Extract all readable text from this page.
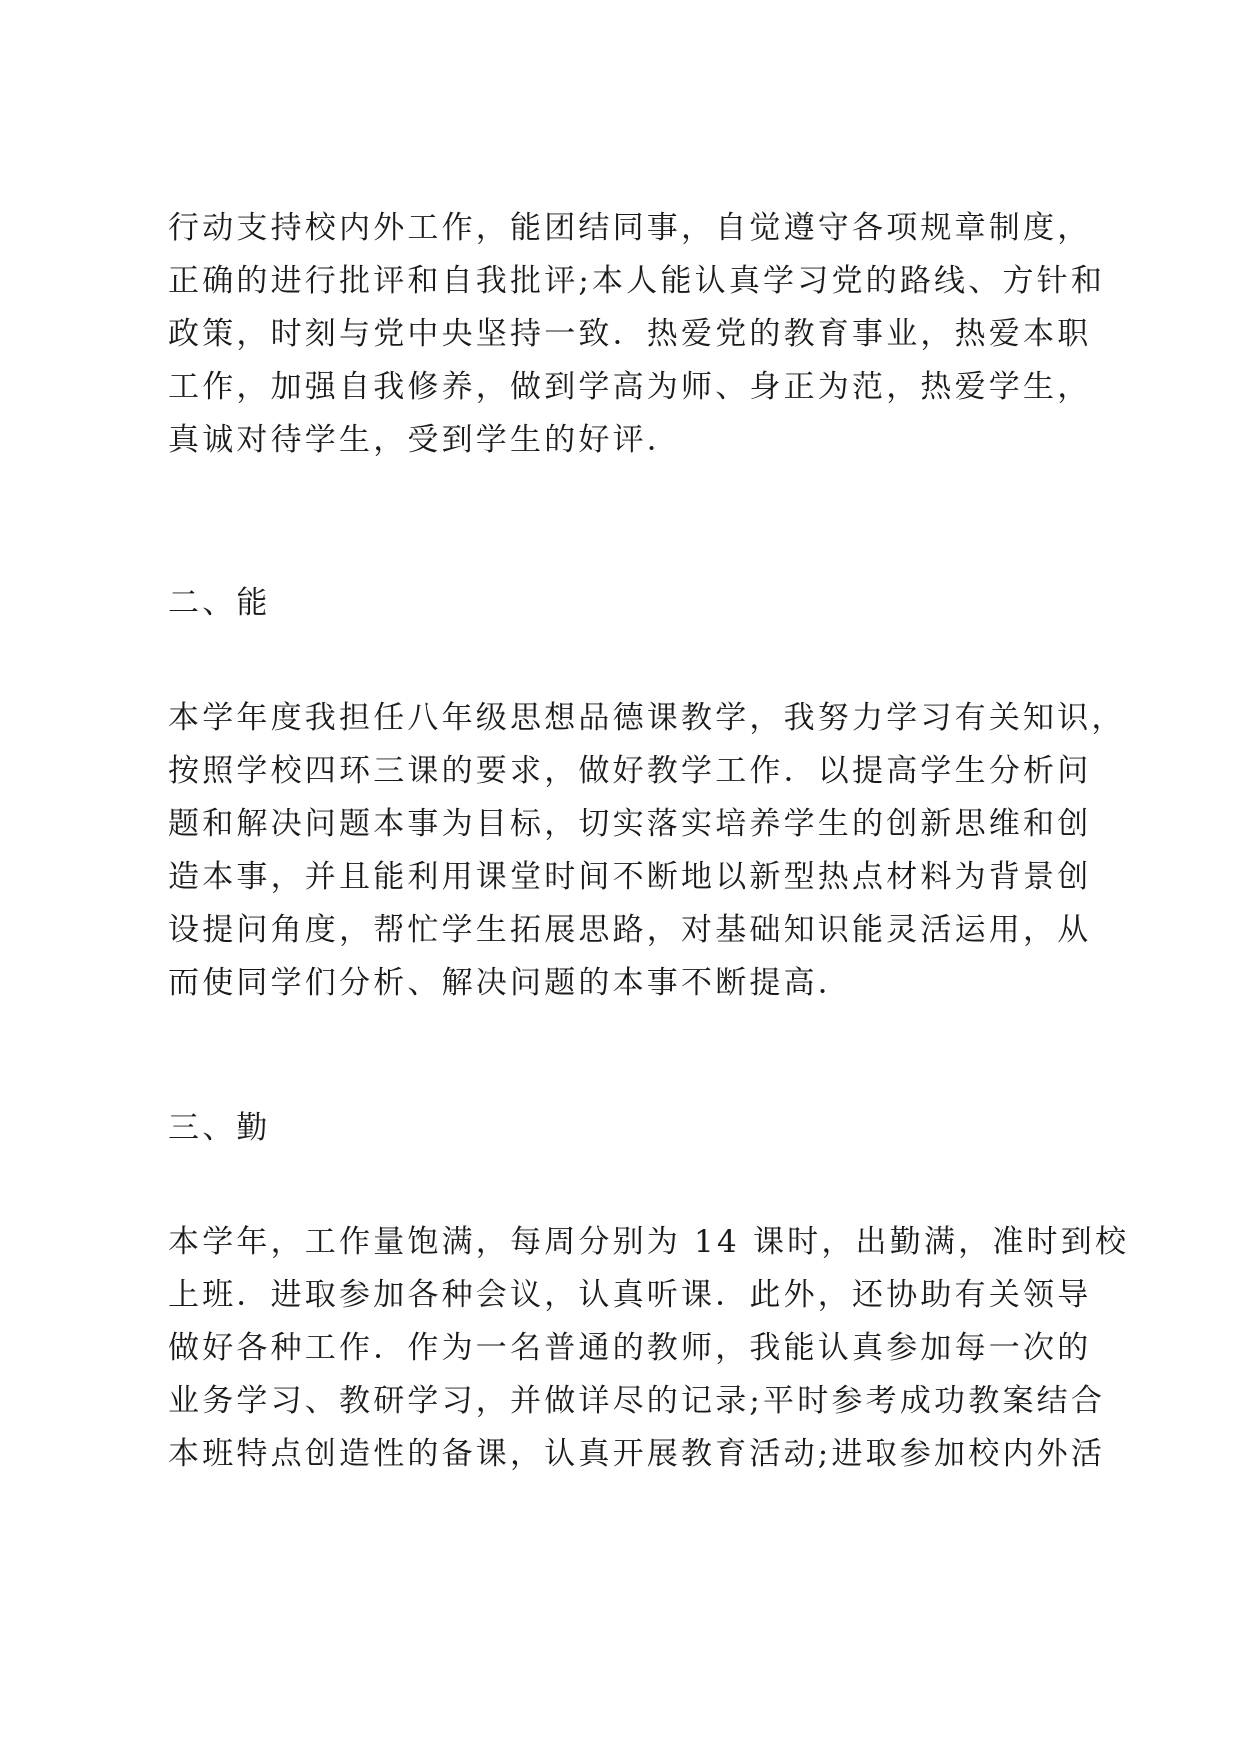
行动支持校内外工作，能团结同事，自觉遵守各项规章制度，
正确的进行批评和自我批评;本人能认真学习党的路线、方针和
政策，时刻与党中央坚持一致．热爱党的教育事业，热爱本职
工作，加强自我修养，做到学高为师、身正为范，热爱学生，
真诚对待学生，受到学生的好评．
二、能
本学年度我担任八年级思想品德课教学，我努力学习有关知识，
按照学校四环三课的要求，做好教学工作．以提高学生分析问
题和解决问题本事为目标，切实落实培养学生的创新思维和创
造本事，并且能利用课堂时间不断地以新型热点材料为背景创
设提问角度，帮忙学生拓展思路，对基础知识能灵活运用，从
而使同学们分析、解决问题的本事不断提高．
三、勤
本学年，工作量饱满，每周分别为 14 课时，出勤满，准时到校
上班．进取参加各种会议，认真听课．此外，还协助有关领导
做好各种工作．作为一名普通的教师，我能认真参加每一次的
业务学习、教研学习，并做详尽的记录;平时参考成功教案结合
本班特点创造性的备课，认真开展教育活动;进取参加校内外活
